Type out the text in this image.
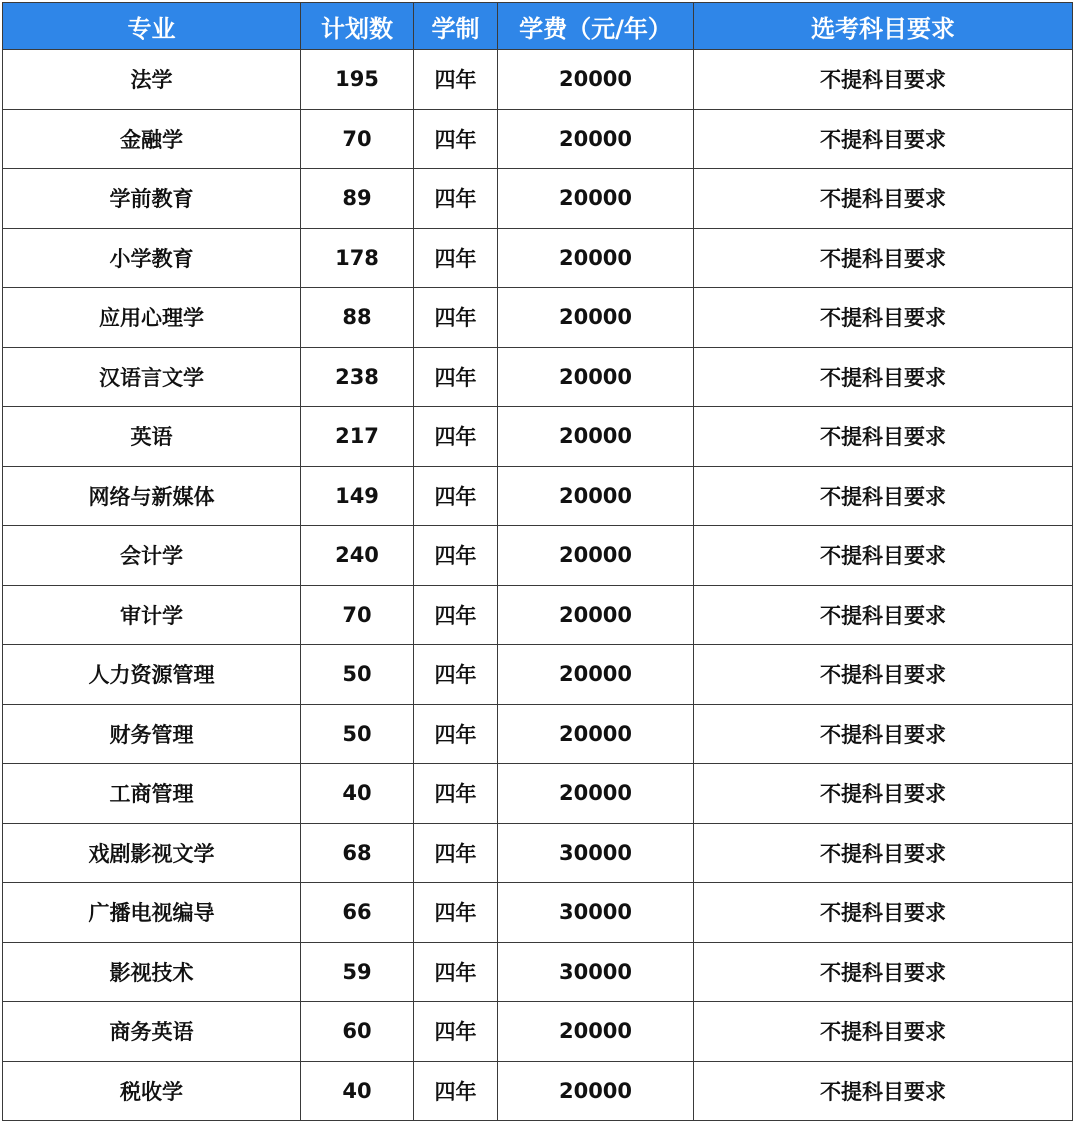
专业	计划数	学制	学费（元/年）	选考科目要求
法学	195	四年	20000	不提科目要求
金融学	70	四年	20000	不提科目要求
学前教育	89	四年	20000	不提科目要求
小学教育	178	四年	20000	不提科目要求
应用心理学	88	四年	20000	不提科目要求
汉语言文学	238	四年	20000	不提科目要求
英语	217	四年	20000	不提科目要求
网络与新媒体	149	四年	20000	不提科目要求
会计学	240	四年	20000	不提科目要求
审计学	70	四年	20000	不提科目要求
人力资源管理	50	四年	20000	不提科目要求
财务管理	50	四年	20000	不提科目要求
工商管理	40	四年	20000	不提科目要求
戏剧影视文学	68	四年	30000	不提科目要求
广播电视编导	66	四年	30000	不提科目要求
影视技术	59	四年	30000	不提科目要求
商务英语	60	四年	20000	不提科目要求
税收学	40	四年	20000	不提科目要求
